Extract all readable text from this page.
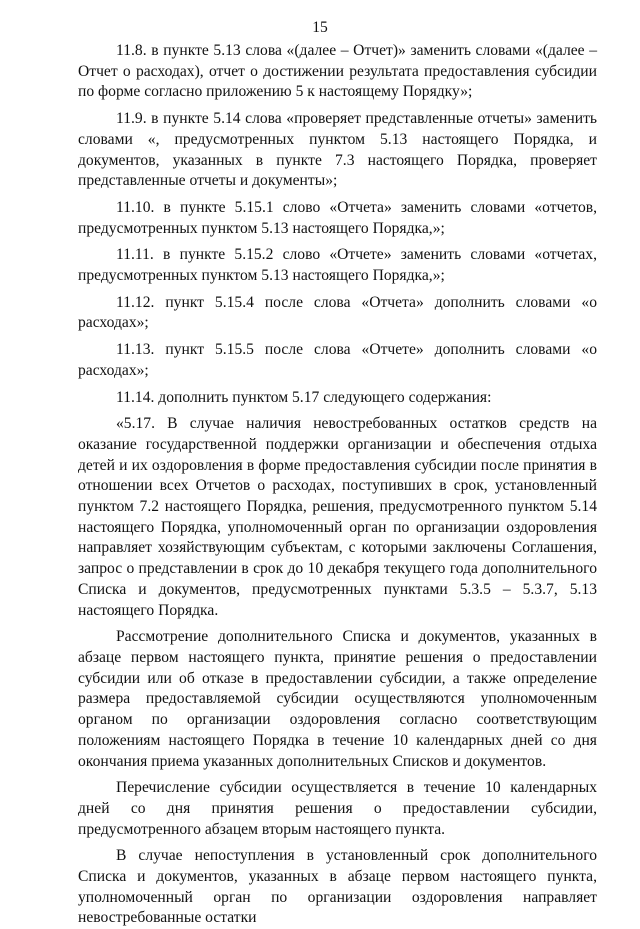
15

11.8. в пункте 5.13 слова «(далее – Отчет)» заменить словами «(далее – Отчет о расходах), отчет о достижении результата предоставления субсидии по форме согласно приложению 5 к настоящему Порядку»;

11.9. в пункте 5.14 слова «проверяет представленные отчеты» заменить словами «, предусмотренных пунктом 5.13 настоящего Порядка, и документов, указанных в пункте 7.3 настоящего Порядка, проверяет представленные отчеты и документы»;

11.10. в пункте 5.15.1 слово «Отчета» заменить словами «отчетов, предусмотренных пунктом 5.13 настоящего Порядка,»;

11.11. в пункте 5.15.2 слово «Отчете» заменить словами «отчетах, предусмотренных пунктом 5.13 настоящего Порядка,»;

11.12. пункт 5.15.4 после слова «Отчета» дополнить словами «о расходах»;

11.13. пункт 5.15.5 после слова «Отчете» дополнить словами «о расходах»;

11.14. дополнить пунктом 5.17 следующего содержания:

«5.17. В случае наличия невостребованных остатков средств на оказание государственной поддержки организации и обеспечения отдыха детей и их оздоровления в форме предоставления субсидии после принятия в отношении всех Отчетов о расходах, поступивших в срок, установленный пунктом 7.2 настоящего Порядка, решения, предусмотренного пунктом 5.14 настоящего Порядка, уполномоченный орган по организации оздоровления направляет хозяйствующим субъектам, с которыми заключены Соглашения, запрос о представлении в срок до 10 декабря текущего года дополнительного Списка и документов, предусмотренных пунктами 5.3.5 – 5.3.7, 5.13 настоящего Порядка.

Рассмотрение дополнительного Списка и документов, указанных в абзаце первом настоящего пункта, принятие решения о предоставлении субсидии или об отказе в предоставлении субсидии, а также определение размера предоставляемой субсидии осуществляются уполномоченным органом по организации оздоровления согласно соответствующим положениям настоящего Порядка в течение 10 календарных дней со дня окончания приема указанных дополнительных Списков и документов.

Перечисление субсидии осуществляется в течение 10 календарных дней со дня принятия решения о предоставлении субсидии, предусмотренного абзацем вторым настоящего пункта.

В случае непоступления в установленный срок дополнительного Списка и документов, указанных в абзаце первом настоящего пункта, уполномоченный орган по организации оздоровления направляет невостребованные остатки
